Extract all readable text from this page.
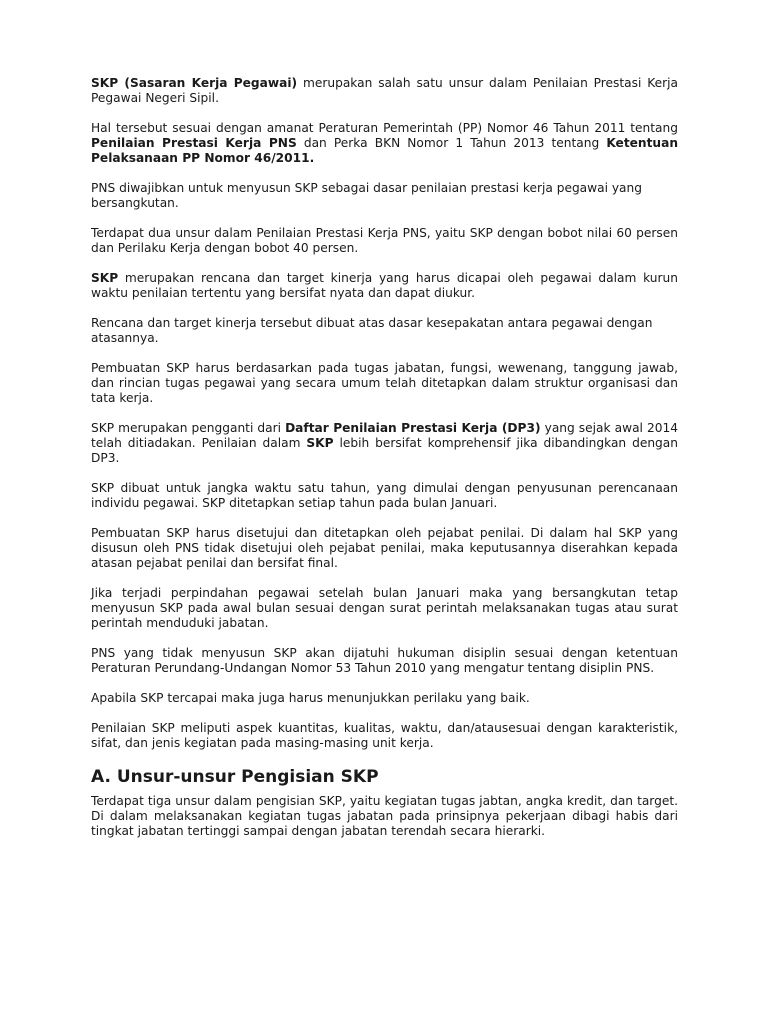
SKP (Sasaran Kerja Pegawai) merupakan salah satu unsur dalam Penilaian Prestasi Kerja Pegawai Negeri Sipil.

Hal tersebut sesuai dengan amanat Peraturan Pemerintah (PP) Nomor 46 Tahun 2011 tentang Penilaian Prestasi Kerja PNS dan Perka BKN Nomor 1 Tahun 2013 tentang Ketentuan Pelaksanaan PP Nomor 46/2011.

PNS diwajibkan untuk menyusun SKP sebagai dasar penilaian prestasi kerja pegawai yang bersangkutan.

Terdapat dua unsur dalam Penilaian Prestasi Kerja PNS, yaitu SKP dengan bobot nilai 60 persen dan Perilaku Kerja dengan bobot 40 persen.

SKP merupakan rencana dan target kinerja yang harus dicapai oleh pegawai dalam kurun waktu penilaian tertentu yang bersifat nyata dan dapat diukur.

Rencana dan target kinerja tersebut dibuat atas dasar kesepakatan antara pegawai dengan atasannya.

Pembuatan SKP harus berdasarkan pada tugas jabatan, fungsi, wewenang, tanggung jawab, dan rincian tugas pegawai yang secara umum telah ditetapkan dalam struktur organisasi dan tata kerja.

SKP merupakan pengganti dari Daftar Penilaian Prestasi Kerja (DP3) yang sejak awal 2014 telah ditiadakan. Penilaian dalam SKP lebih bersifat komprehensif jika dibandingkan dengan DP3.

SKP dibuat untuk jangka waktu satu tahun, yang dimulai dengan penyusunan perencanaan individu pegawai. SKP ditetapkan setiap tahun pada bulan Januari.

Pembuatan SKP harus disetujui dan ditetapkan oleh pejabat penilai. Di dalam hal SKP yang disusun oleh PNS tidak disetujui oleh pejabat penilai, maka keputusannya diserahkan kepada atasan pejabat penilai dan bersifat final.

Jika terjadi perpindahan pegawai setelah bulan Januari maka yang bersangkutan tetap menyusun SKP pada awal bulan sesuai dengan surat perintah melaksanakan tugas atau surat perintah menduduki jabatan.

PNS yang tidak menyusun SKP akan dijatuhi hukuman disiplin sesuai dengan ketentuan Peraturan Perundang-Undangan Nomor 53 Tahun 2010 yang mengatur tentang disiplin PNS.

Apabila SKP tercapai maka juga harus menunjukkan perilaku yang baik.

Penilaian SKP meliputi aspek kuantitas, kualitas, waktu, dan/atausesuai dengan karakteristik, sifat, dan jenis kegiatan pada masing-masing unit kerja.

A. Unsur-unsur Pengisian SKP

Terdapat tiga unsur dalam pengisian SKP, yaitu kegiatan tugas jabtan, angka kredit, dan target. Di dalam melaksanakan kegiatan tugas jabatan pada prinsipnya pekerjaan dibagi habis dari tingkat jabatan tertinggi sampai dengan jabatan terendah secara hierarki.
